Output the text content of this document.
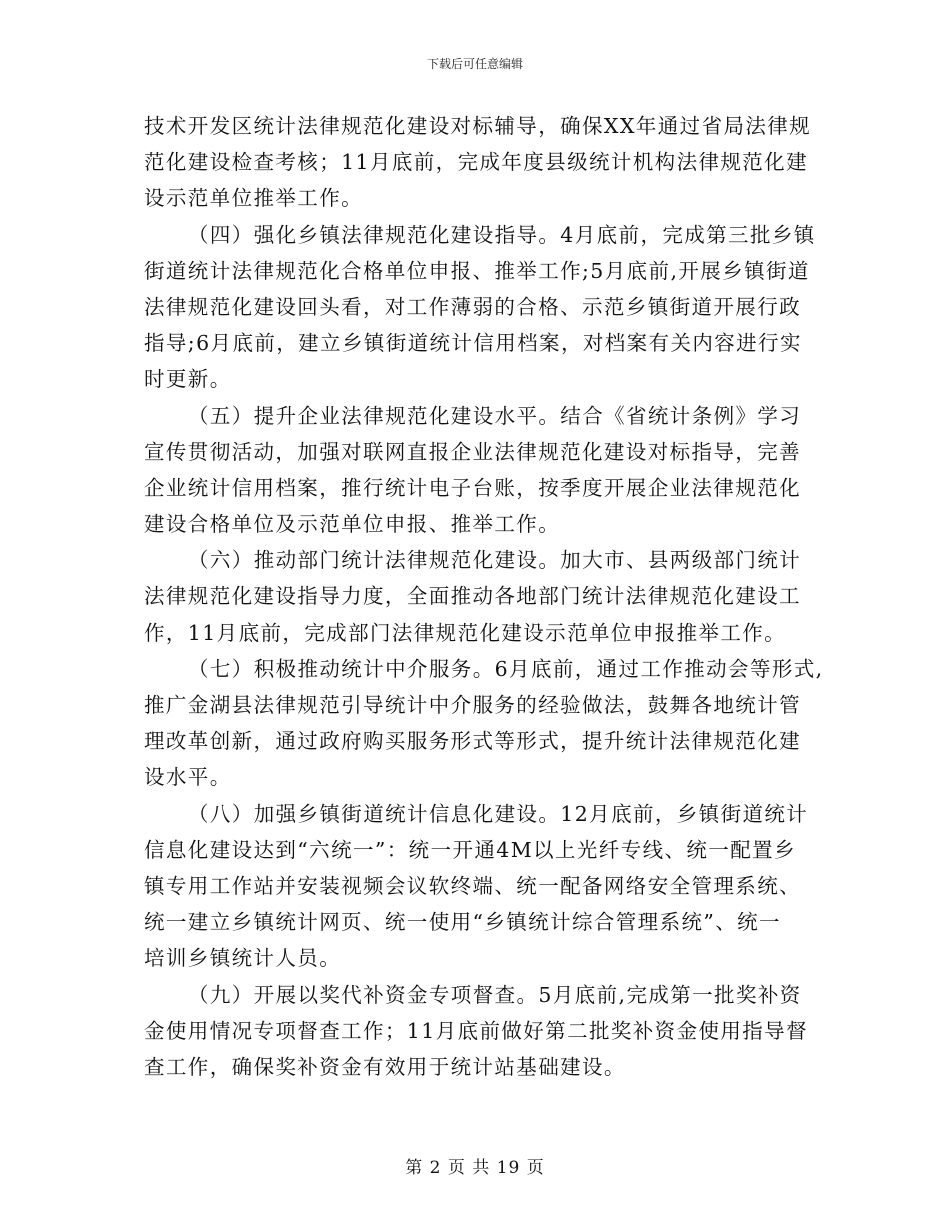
下载后可任意编辑
技术开发区统计法律规范化建设对标辅导，确保XX年通过省局法律规
范化建设检查考核；11月底前，完成年度县级统计机构法律规范化建
设示范单位推举工作。
（四）强化乡镇法律规范化建设指导。4月底前，完成第三批乡镇
街道统计法律规范化合格单位申报、推举工作;5月底前,开展乡镇街道
法律规范化建设回头看，对工作薄弱的合格、示范乡镇街道开展行政
指导;6月底前，建立乡镇街道统计信用档案，对档案有关内容进行实
时更新。
（五）提升企业法律规范化建设水平。结合《省统计条例》学习
宣传贯彻活动，加强对联网直报企业法律规范化建设对标指导，完善
企业统计信用档案，推行统计电子台账，按季度开展企业法律规范化
建设合格单位及示范单位申报、推举工作。
（六）推动部门统计法律规范化建设。加大市、县两级部门统计
法律规范化建设指导力度，全面推动各地部门统计法律规范化建设工
作，11月底前，完成部门法律规范化建设示范单位申报推举工作。
（七）积极推动统计中介服务。6月底前，通过工作推动会等形式,
推广金湖县法律规范引导统计中介服务的经验做法，鼓舞各地统计管
理改革创新，通过政府购买服务形式等形式，提升统计法律规范化建
设水平。
（八）加强乡镇街道统计信息化建设。12月底前，乡镇街道统计
信息化建设达到“六统一”：统一开通4M以上光纤专线、统一配置乡
镇专用工作站并安装视频会议软终端、统一配备网络安全管理系统、
统一建立乡镇统计网页、统一使用“乡镇统计综合管理系统”、统一
培训乡镇统计人员。
（九）开展以奖代补资金专项督查。5月底前,完成第一批奖补资
金使用情况专项督查工作；11月底前做好第二批奖补资金使用指导督
查工作，确保奖补资金有效用于统计站基础建设。
第 2 页 共 19 页
